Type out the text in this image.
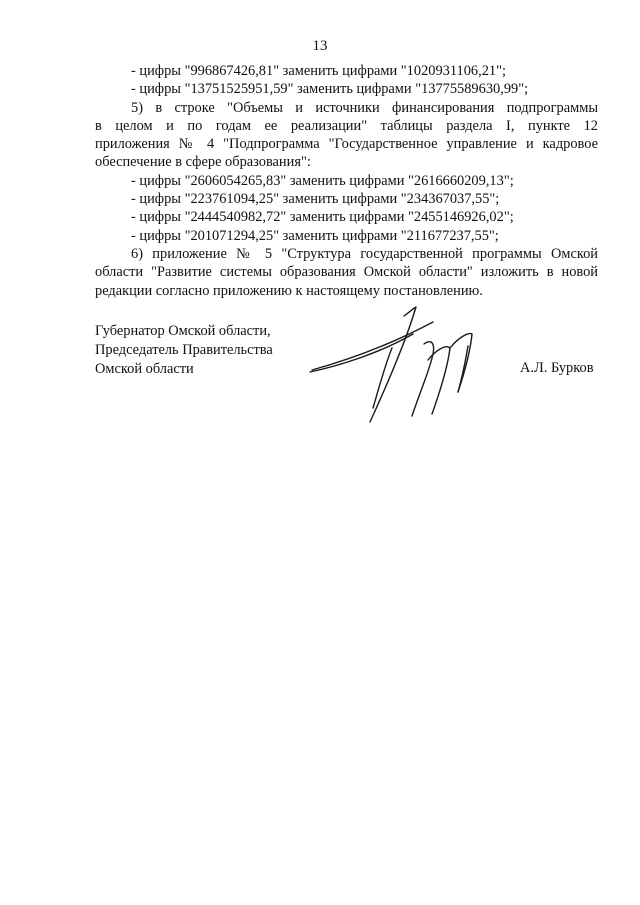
13
- цифры "996867426,81" заменить цифрами "1020931106,21";
- цифры "13751525951,59" заменить цифрами "13775589630,99";
5) в строке "Объемы и источники финансирования подпрограммы
в целом и по годам ее реализации" таблицы раздела I, пункте 12
приложения № 4 "Подпрограмма "Государственное управление и кадровое
обеспечение в сфере образования":
- цифры "2606054265,83" заменить цифрами "2616660209,13";
- цифры "223761094,25" заменить цифрами "234367037,55";
- цифры "2444540982,72" заменить цифрами "2455146926,02";
- цифры "201071294,25" заменить цифрами "211677237,55";
6) приложение № 5 "Структура государственной программы Омской
области "Развитие системы образования Омской области" изложить в новой
редакции согласно приложению к настоящему постановлению.
Губернатор Омской области,
Председатель Правительства
Омской области	А.Л. Бурков
